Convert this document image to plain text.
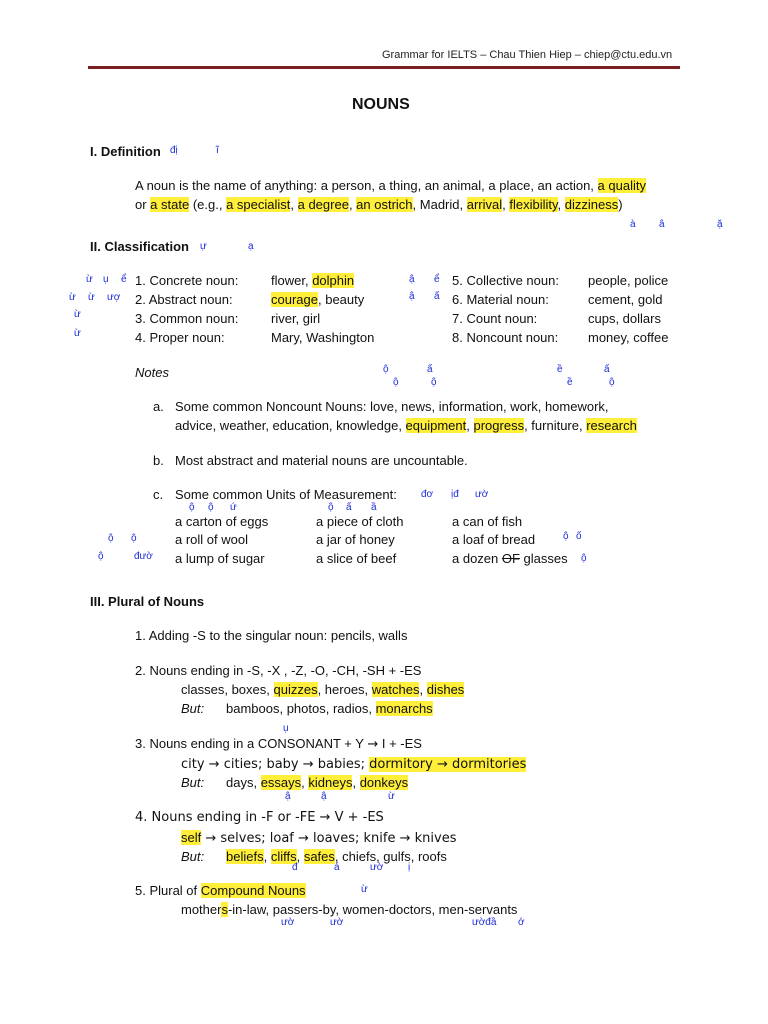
Grammar for IELTS – Chau Thien Hiep – chiep@ctu.edu.vn
NOUNS
I. Definition
A noun is the name of anything: a person, a thing, an animal, a place, an action, a quality
or a state (e.g., a specialist, a degree, an ostrich, Madrid, arrival, flexibility, dizziness)
II. Classification
1. Concrete noun:	flower, dolphin	5. Collective noun: people, police
2. Abstract noun:	courage, beauty	6. Material noun:	cement, gold
3. Common noun:	river, girl	7. Count noun:	cups, dollars
4. Proper noun:	Mary, Washington	8. Noncount noun: money, coffee
Notes
a. Some common Noncount Nouns: love, news, information, work, homework,
advice, weather, education, knowledge, equipment, progress, furniture, research
b. Most abstract and material nouns are uncountable.
c. Some common Units of Measurement:
a carton of eggs	a piece of cloth	a can of fish
a roll of wool	a jar of honey	a loaf of bread
a lump of sugar	a slice of beef	a dozen OF glasses
III. Plural of Nouns
1. Adding -S to the singular noun: pencils, walls
2. Nouns ending in -S, -X , -Z, -O, -CH, -SH + -ES
classes, boxes, quizzes, heroes, watches, dishes
But: bamboos, photos, radios, monarchs
3. Nouns ending in a CONSONANT + Y → I + -ES
city → cities; baby → babies; dormitory → dormitories
But: days, essays, kidneys, donkeys
4. Nouns ending in -F or -FE → V + -ES
self → selves; loaf → loaves; knife → knives
But: beliefs, cliffs, safes, chiefs, gulfs, roofs
5. Plural of Compound Nouns
mothers-in-law, passers-by, women-doctors, men-servants
đị	ĩ
à â	ặ
ự	ạ
ừ ụ ể
ừ ừ ượ
ừ
ừ
ậ ể
ậ ấ
ộ	ấ
ộ	ộ
ề	ấ
ề	ộ
đơ ịđ ườ
ộ ộ ứ	ộ ấ ầ
ộ ộ	ộ ố
ộ	đườ	ộ
ụ
ậ	ậ	ừ
đ	á	ườ ị
ừ
ườ	ườ	ườđầ ớ
